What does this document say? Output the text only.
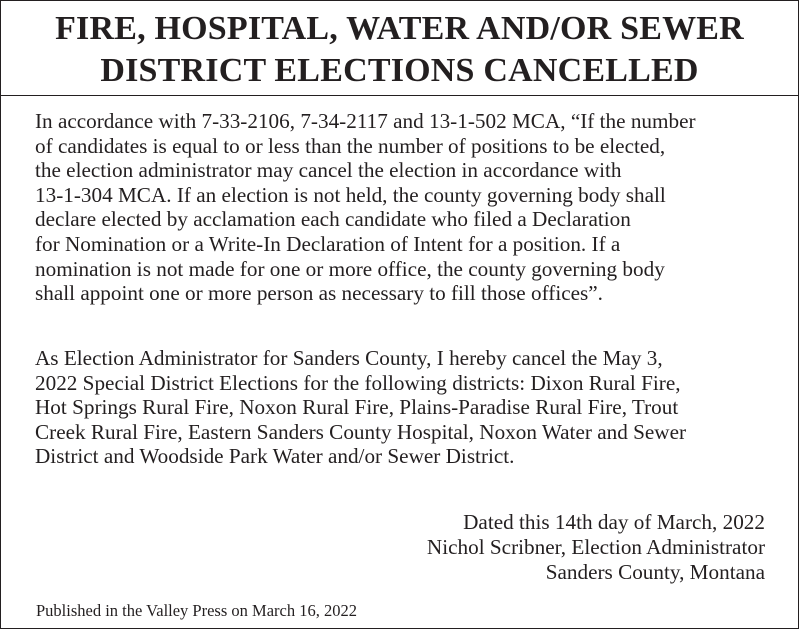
FIRE, HOSPITAL, WATER AND/OR SEWER
DISTRICT ELECTIONS CANCELLED
In accordance with 7-33-2106, 7-34-2117 and 13-1-502 MCA, “If the number
of candidates is equal to or less than the number of positions to be elected,
the election administrator may cancel the election in accordance with
13-1-304 MCA. If an election is not held, the county governing body shall
declare elected by acclamation each candidate who filed a Declaration
for Nomination or a Write-In Declaration of Intent for a position. If a
nomination is not made for one or more office, the county governing body
shall appoint one or more person as necessary to fill those offices”.
As Election Administrator for Sanders County, I hereby cancel the May 3,
2022 Special District Elections for the following districts: Dixon Rural Fire,
Hot Springs Rural Fire, Noxon Rural Fire, Plains-Paradise Rural Fire, Trout
Creek Rural Fire, Eastern Sanders County Hospital, Noxon Water and Sewer
District and Woodside Park Water and/or Sewer District.
Dated this 14th day of March, 2022
Nichol Scribner, Election Administrator
Sanders County, Montana
Published in the Valley Press on March 16, 2022
